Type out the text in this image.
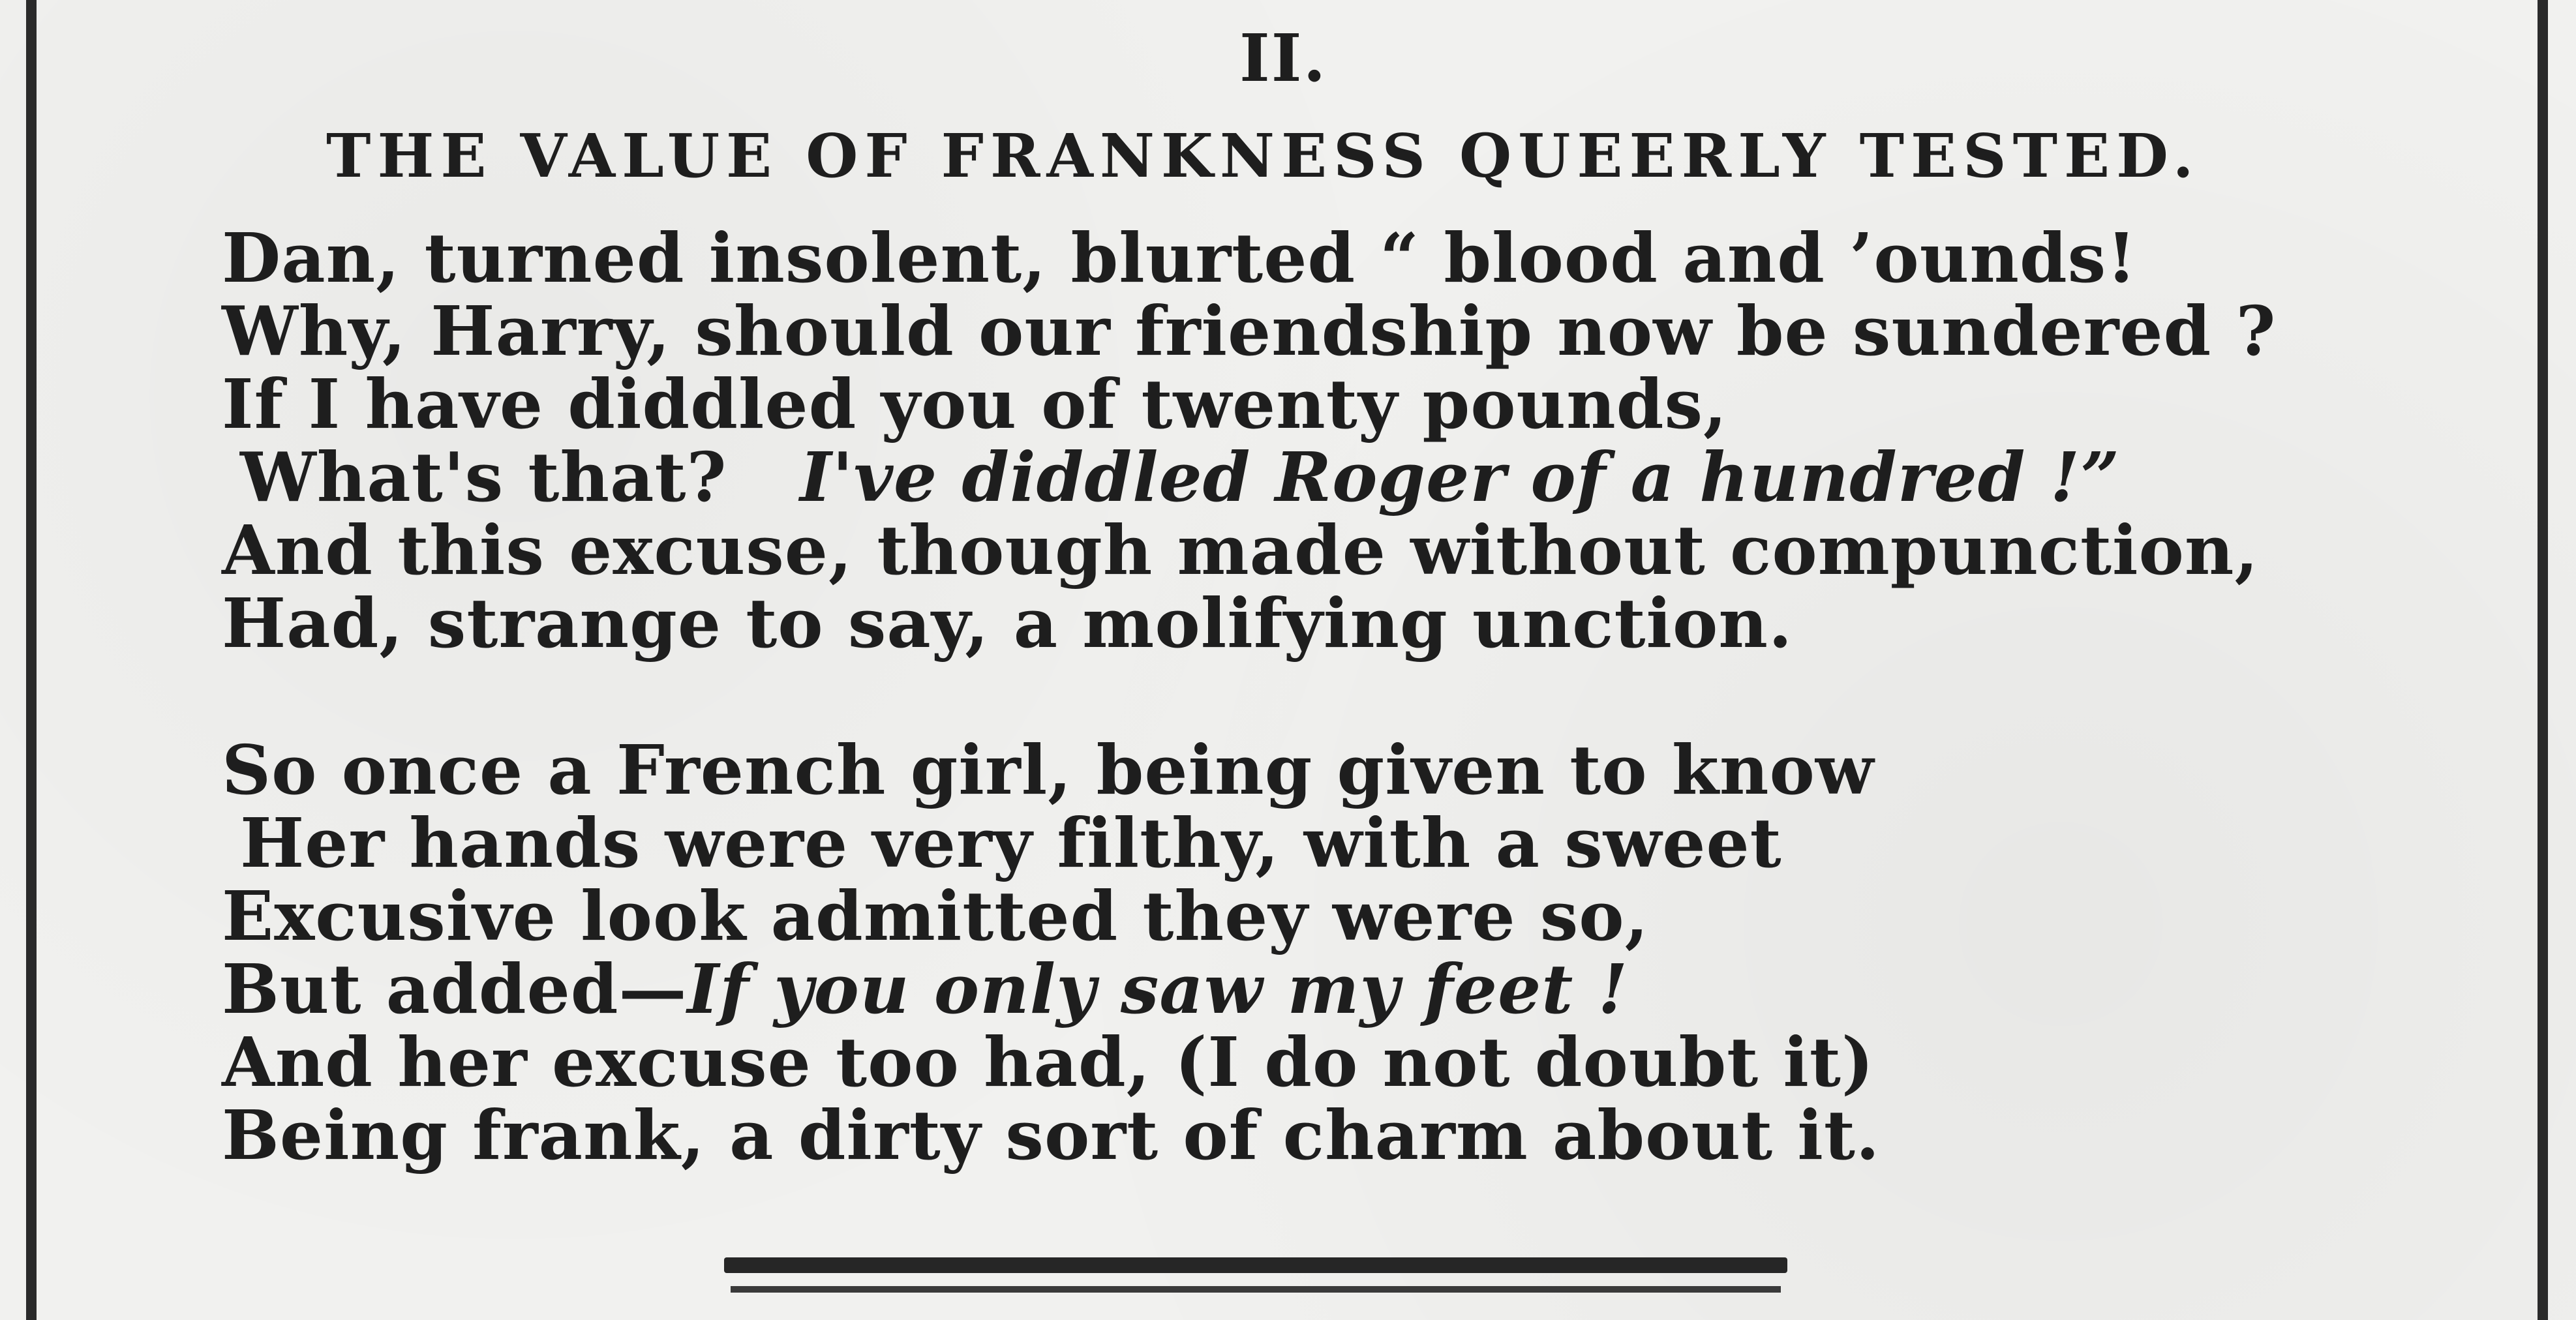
II.
THE VALUE OF FRANKNESS QUEERLY TESTED.
Dan, turned insolent, blurted “ blood and ’ounds!
Why, Harry, should our friendship now be sundered ?
If I have diddled you of twenty pounds,
What's that? I've diddled Roger of a hundred !”
And this excuse, though made without compunction,
Had, strange to say, a molifying unction.
So once a French girl, being given to know
Her hands were very filthy, with a sweet
Excusive look admitted they were so,
But added—If you only saw my feet !
And her excuse too had, (I do not doubt it)
Being frank, a dirty sort of charm about it.
